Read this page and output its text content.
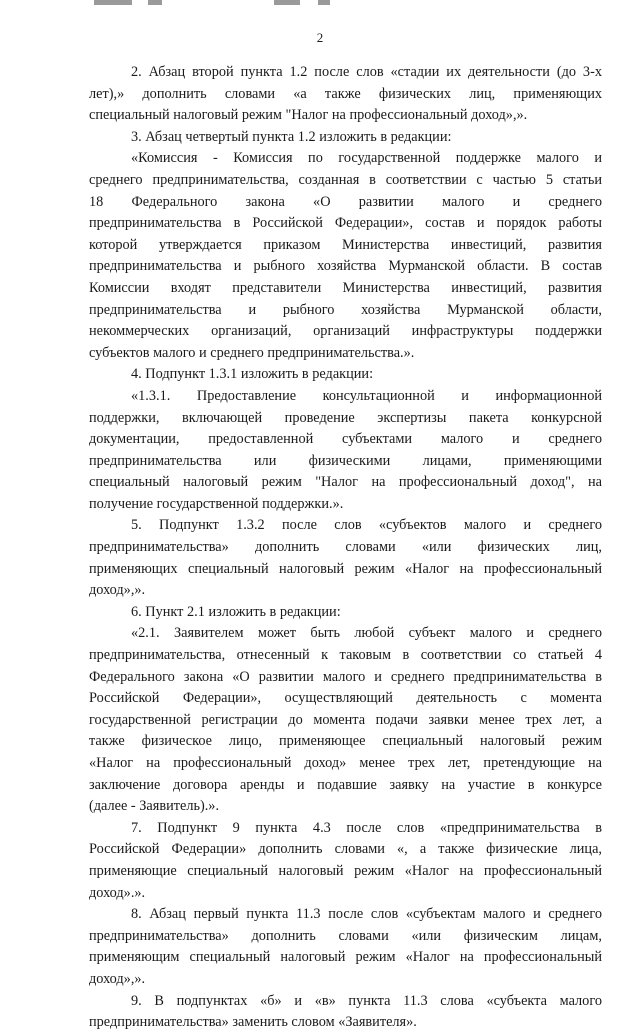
2
2. Абзац второй пункта 1.2 после слов «стадии их деятельности (до 3-х
лет),» дополнить словами «а также физических лиц, применяющих
специальный налоговый режим "Налог на профессиональный доход»,».
3. Абзац четвертый пункта 1.2 изложить в редакции:
«Комиссия - Комиссия по государственной поддержке малого и
среднего предпринимательства, созданная в соответствии с частью 5 статьи
18 Федерального закона «О развитии малого и среднего
предпринимательства в Российской Федерации», состав и порядок работы
которой утверждается приказом Министерства инвестиций, развития
предпринимательства и рыбного хозяйства Мурманской области. В состав
Комиссии входят представители Министерства инвестиций, развития
предпринимательства и рыбного хозяйства Мурманской области,
некоммерческих организаций, организаций инфраструктуры поддержки
субъектов малого и среднего предпринимательства.».
4. Подпункт 1.3.1 изложить в редакции:
«1.3.1. Предоставление консультационной и информационной
поддержки, включающей проведение экспертизы пакета конкурсной
документации, предоставленной субъектами малого и среднего
предпринимательства или физическими лицами, применяющими
специальный налоговый режим "Налог на профессиональный доход", на
получение государственной поддержки.».
5. Подпункт 1.3.2 после слов «субъектов малого и среднего
предпринимательства» дополнить словами «или физических лиц,
применяющих специальный налоговый режим «Налог на профессиональный
доход»,».
6. Пункт 2.1 изложить в редакции:
«2.1. Заявителем может быть любой субъект малого и среднего
предпринимательства, отнесенный к таковым в соответствии со статьей 4
Федерального закона «О развитии малого и среднего предпринимательства в
Российской Федерации», осуществляющий деятельность с момента
государственной регистрации до момента подачи заявки менее трех лет, а
также физическое лицо, применяющее специальный налоговый режим
«Налог на профессиональный доход» менее трех лет, претендующие на
заключение договора аренды и подавшие заявку на участие в конкурсе
(далее - Заявитель).».
7. Подпункт 9 пункта 4.3 после слов «предпринимательства в
Российской Федерации» дополнить словами «, а также физические лица,
применяющие специальный налоговый режим «Налог на профессиональный
доход».».
8. Абзац первый пункта 11.3 после слов «субъектам малого и среднего
предпринимательства» дополнить словами «или физическим лицам,
применяющим специальный налоговый режим «Налог на профессиональный
доход»,».
9. В подпунктах «б» и «в» пункта 11.3 слова «субъекта малого
предпринимательства» заменить словом «Заявителя».
